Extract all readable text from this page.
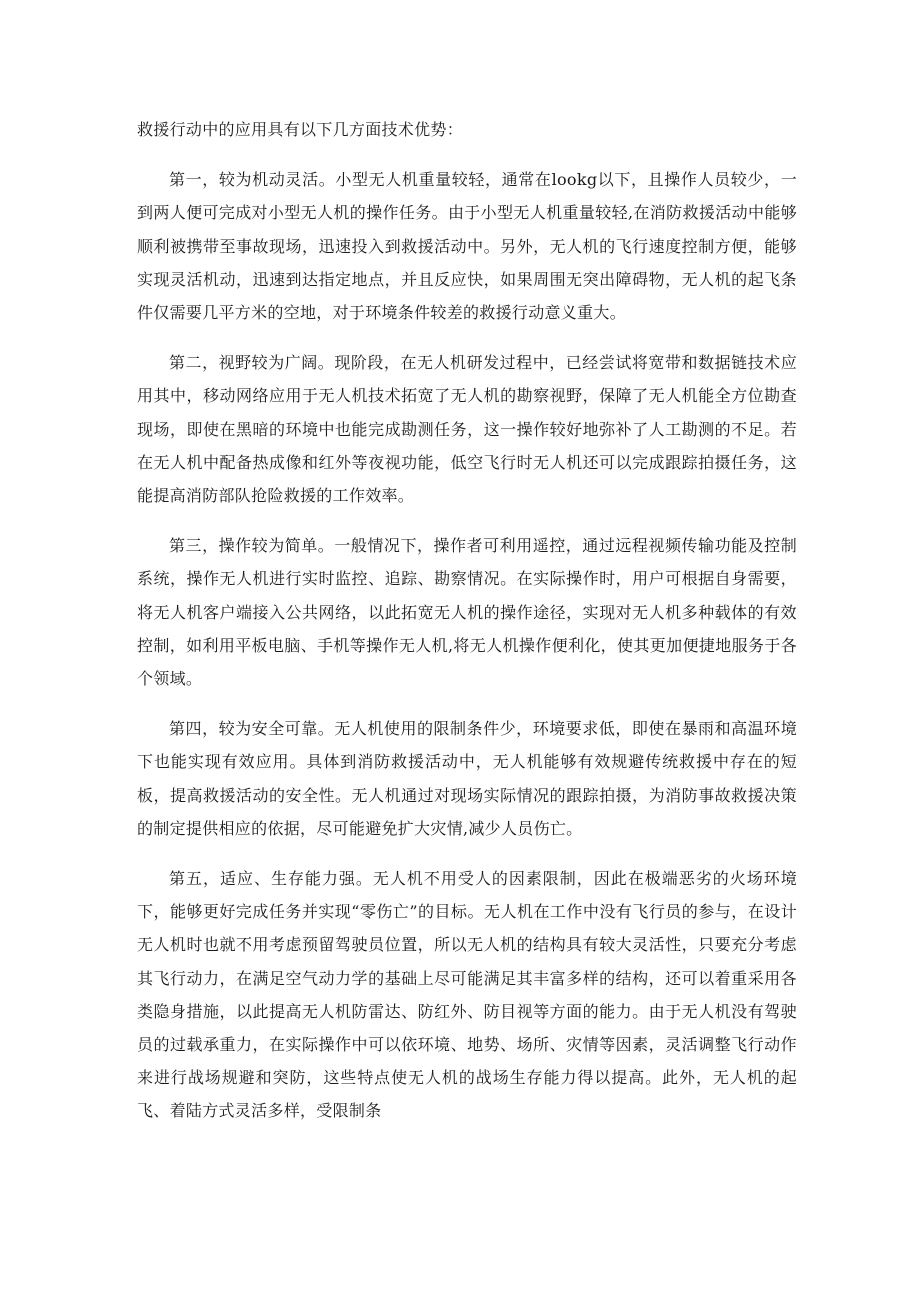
救援行动中的应用具有以下几方面技术优势：

第一，较为机动灵活。小型无人机重量较轻，通常在lookg以下，且操作人员较少，一到两人便可完成对小型无人机的操作任务。由于小型无人机重量较轻,在消防救援活动中能够顺利被携带至事故现场，迅速投入到救援活动中。另外，无人机的飞行速度控制方便，能够实现灵活机动，迅速到达指定地点，并且反应快，如果周围无突出障碍物，无人机的起飞条件仅需要几平方米的空地，对于环境条件较差的救援行动意义重大。

第二，视野较为广阔。现阶段，在无人机研发过程中，已经尝试将宽带和数据链技术应用其中，移动网络应用于无人机技术拓宽了无人机的勘察视野，保障了无人机能全方位勘查现场，即使在黑暗的环境中也能完成勘测任务，这一操作较好地弥补了人工勘测的不足。若在无人机中配备热成像和红外等夜视功能，低空飞行时无人机还可以完成跟踪拍摄任务，这能提高消防部队抢险救援的工作效率。

第三，操作较为简单。一般情况下，操作者可利用遥控，通过远程视频传输功能及控制系统，操作无人机进行实时监控、追踪、勘察情况。在实际操作时，用户可根据自身需要，将无人机客户端接入公共网络，以此拓宽无人机的操作途径，实现对无人机多种载体的有效控制，如利用平板电脑、手机等操作无人机,将无人机操作便利化，使其更加便捷地服务于各个领域。

第四，较为安全可靠。无人机使用的限制条件少，环境要求低，即使在暴雨和高温环境下也能实现有效应用。具体到消防救援活动中，无人机能够有效规避传统救援中存在的短板，提高救援活动的安全性。无人机通过对现场实际情况的跟踪拍摄，为消防事故救援决策的制定提供相应的依据，尽可能避免扩大灾情,减少人员伤亡。

第五，适应、生存能力强。无人机不用受人的因素限制，因此在极端恶劣的火场环境下，能够更好完成任务并实现“零伤亡”的目标。无人机在工作中没有飞行员的参与，在设计无人机时也就不用考虑预留驾驶员位置，所以无人机的结构具有较大灵活性，只要充分考虑其飞行动力，在满足空气动力学的基础上尽可能满足其丰富多样的结构，还可以着重采用各类隐身措施，以此提高无人机防雷达、防红外、防目视等方面的能力。由于无人机没有驾驶员的过载承重力，在实际操作中可以依环境、地势、场所、灾情等因素，灵活调整飞行动作来进行战场规避和突防，这些特点使无人机的战场生存能力得以提高。此外，无人机的起飞、着陆方式灵活多样，受限制条
